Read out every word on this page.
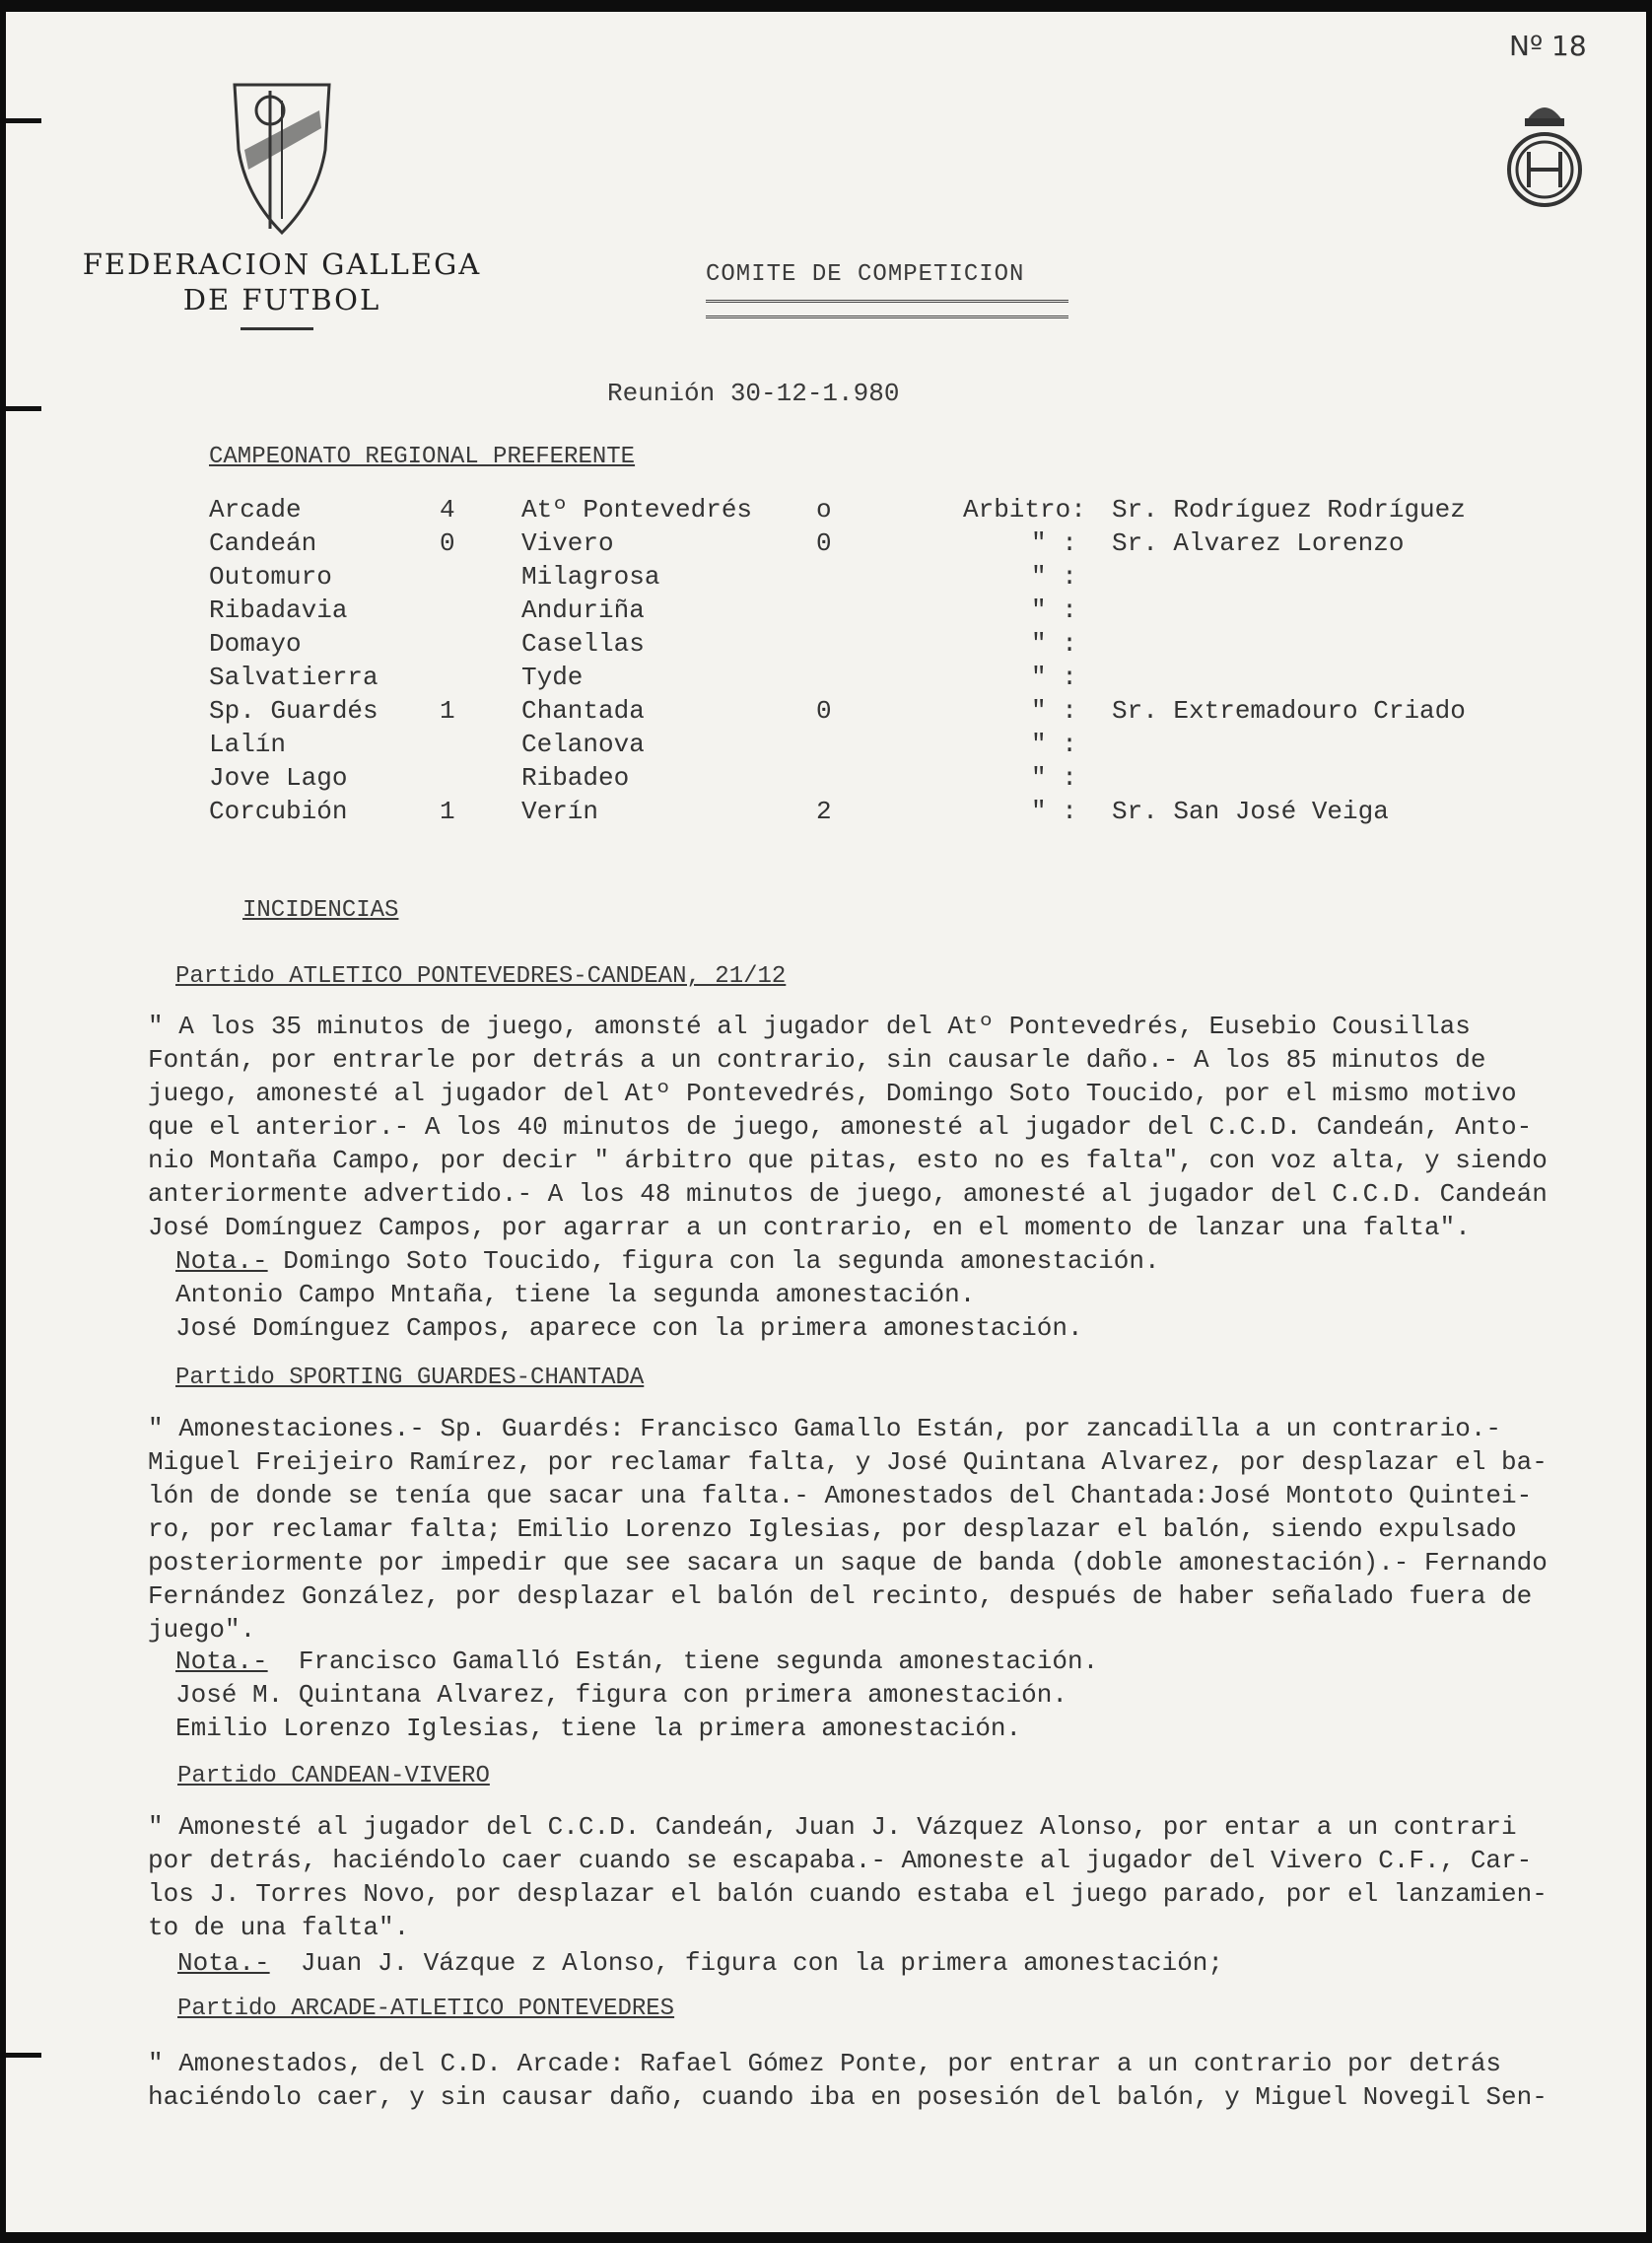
Nº 18
FEDERACION GALLEGA
DE FUTBOL
COMITE DE COMPETICION
Reunión 30-12-1.980
CAMPEONATO REGIONAL PREFERENTE
Arcade	4	Atº Pontevedrés o	Arbitro: Sr. Rodríguez Rodríguez
Candeán	0	Vivero	0	" : Sr. Alvarez Lorenzo
Outomuro	Milagrosa	" :
Ribadavia	Anduriña	" :
Domayo	Casellas	" :
Salvatierra	Tyde	" :
Sp. Guardés 1	Chantada	0	" : Sr. Extremadouro Criado
Lalín	Celanova	" :
Jove Lago	Ribadeo	" :
Corcubión	1	Verín	2	" : Sr. San José Veiga
INCIDENCIAS
Partido ATLETICO PONTEVEDRES-CANDEAN, 21/12
" A los 35 minutos de juego, amonsté al jugador del Atº Pontevedrés, Eusebio Cousillas
Fontán, por entrarle por detrás a un contrario, sin causarle daño.- A los 85 minutos de
juego, amonesté al jugador del Atº Pontevedrés, Domingo Soto Toucido, por el mismo motivo
que el anterior.- A los 40 minutos de juego, amonesté al jugador del C.C.D. Candeán, Anto-
nio Montaña Campo, por decir " árbitro que pitas, esto no es falta", con voz alta, y siendo
anteriormente advertido.- A los 48 minutos de juego, amonesté al jugador del C.C.D. Candeán
José Domínguez Campos, por agarrar a un contrario, en el momento de lanzar una falta".
Nota.- Domingo Soto Toucido, figura con la segunda amonestación.
Antonio Campo Mntaña, tiene la segunda amonestación.
José Domínguez Campos, aparece con la primera amonestación.
Partido SPORTING GUARDES-CHANTADA
" Amonestaciones.- Sp. Guardés: Francisco Gamallo Están, por zancadilla a un contrario.-
Miguel Freijeiro Ramírez, por reclamar falta, y José Quintana Alvarez, por desplazar el ba-
lón de donde se tenía que sacar una falta.- Amonestados del Chantada:José Montoto Quintei-
ro, por reclamar falta; Emilio Lorenzo Iglesias, por desplazar el balón, siendo expulsado
posteriormente por impedir que see sacara un saque de banda (doble amonestación).- Fernando
Fernández González, por desplazar el balón del recinto, después de haber señalado fuera de
juego".
Nota.- Francisco Gamalló Están, tiene segunda amonestación.
José M. Quintana Alvarez, figura con primera amonestación.
Emilio Lorenzo Iglesias, tiene la primera amonestación.
Partido CANDEAN-VIVERO
" Amonesté al jugador del C.C.D. Candeán, Juan J. Vázquez Alonso, por entar a un contrari
por detrás, haciéndolo caer cuando se escapaba.- Amoneste al jugador del Vivero C.F., Car-
los J. Torres Novo, por desplazar el balón cuando estaba el juego parado, por el lanzamien-
to de una falta".
Nota.- Juan J. Vázque z Alonso, figura con la primera amonestación;
Partido ARCADE-ATLETICO PONTEVEDRES
" Amonestados, del C.D. Arcade: Rafael Gómez Ponte, por entrar a un contrario por detrás
haciéndolo caer, y sin causar daño, cuando iba en posesión del balón, y Miguel Novegil Sen-
